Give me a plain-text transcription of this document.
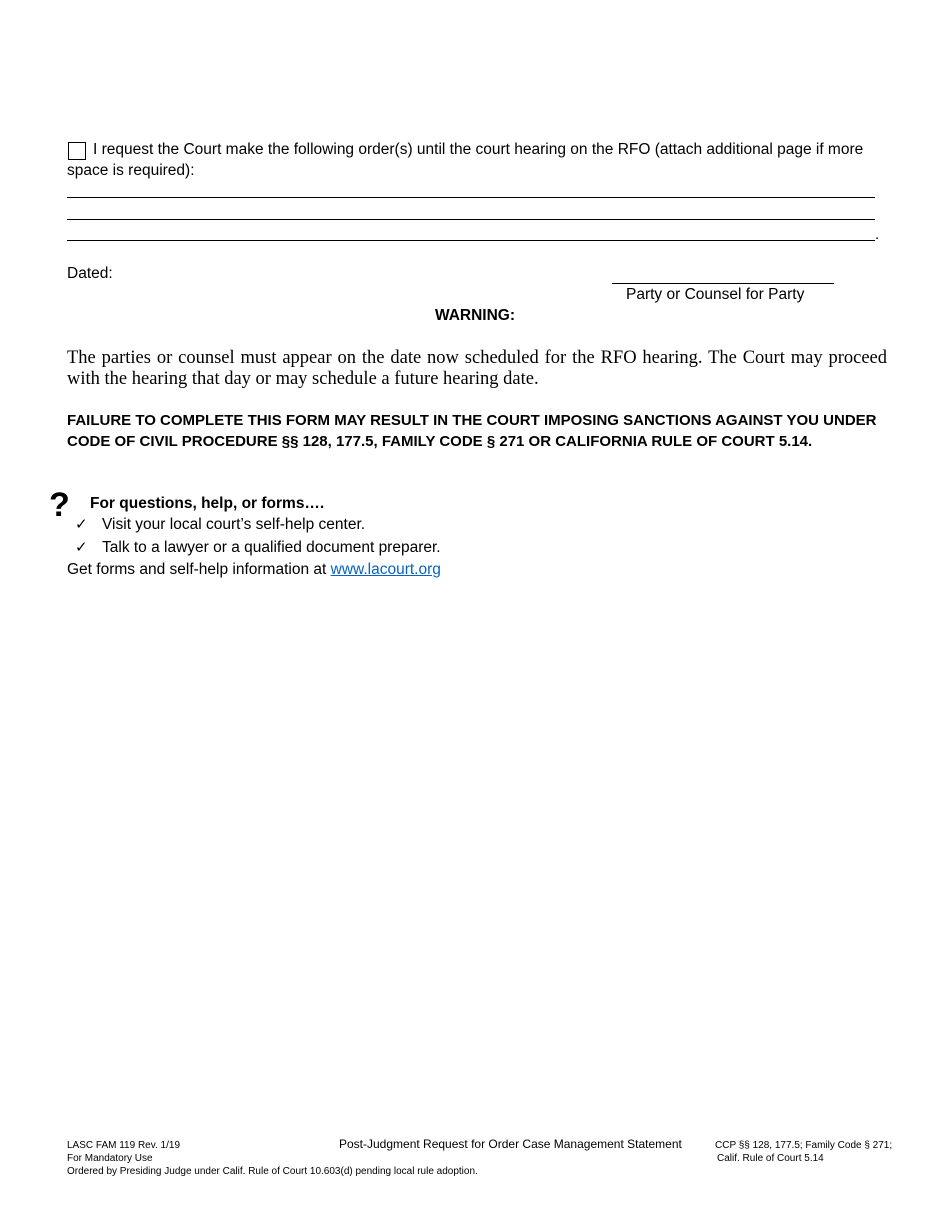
I request the Court make the following order(s) until the court hearing on the RFO (attach additional page if more space is required):
.
Dated:
Party or Counsel for Party
WARNING:
The parties or counsel must appear on the date now scheduled for the RFO hearing. The Court may proceed with the hearing that day or may schedule a future hearing date.
FAILURE TO COMPLETE THIS FORM MAY RESULT IN THE COURT IMPOSING SANCTIONS AGAINST YOU UNDER CODE OF CIVIL PROCEDURE §§ 128, 177.5, FAMILY CODE § 271 OR CALIFORNIA RULE OF COURT 5.14.
? For questions, help, or forms….
✓ Visit your local court’s self-help center.
✓ Talk to a lawyer or a qualified document preparer.
Get forms and self-help information at www.lacourt.org
LASC FAM 119 Rev. 1/19
For Mandatory Use
Ordered by Presiding Judge under Calif. Rule of Court 10.603(d) pending local rule adoption.
Post-Judgment Request for Order Case Management Statement	CCP §§ 128, 177.5; Family Code § 271;
Calif. Rule of Court 5.14
